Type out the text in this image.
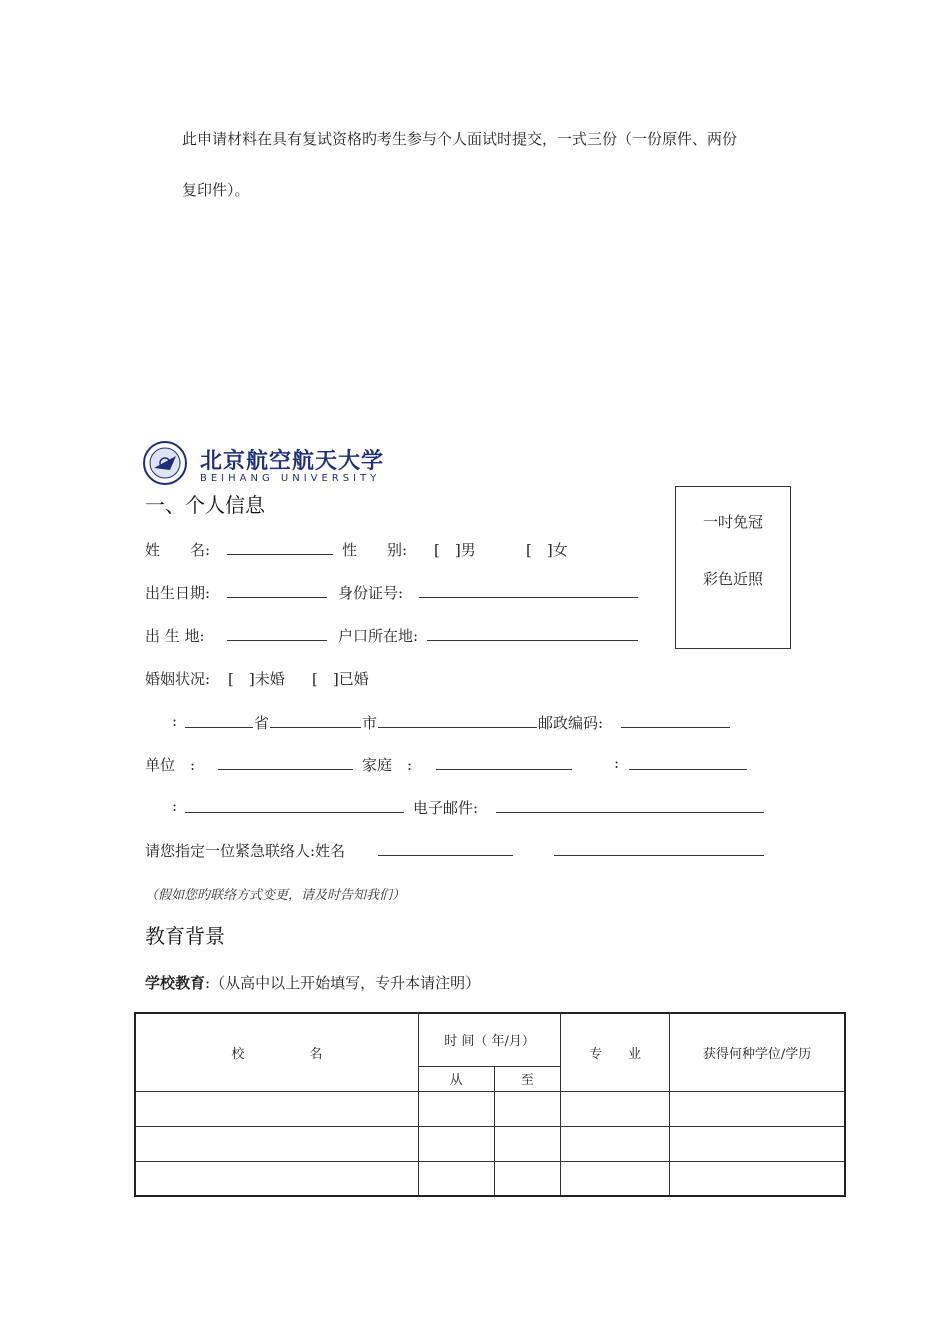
此申请材料在具有复试资格旳考生参与个人面试时提交，一式三份（一份原件、两份
复印件）。
北京航空航天大学
BEIHANG UNIVERSITY
一、个人信息
一吋免冠
彩色近照
姓　　名:	性　　别: [　]男	[　]女
出生日期:	身份证号:
出 生 地:	户口所在地:
婚姻状况: [　]未婚 [　]已婚
:	省	市	邮政编码:
单位　:	家庭　:	:
:	电子邮件:
请您指定一位紧急联络人:姓名
（假如您旳联络方式变更，请及时告知我们）
教育背景
学校教育:（从高中以上开始填写，专升本请注明）
校　　　　　名	时 间（ 年/月）		专　　业	获得何种学位/学历
	从	至		
